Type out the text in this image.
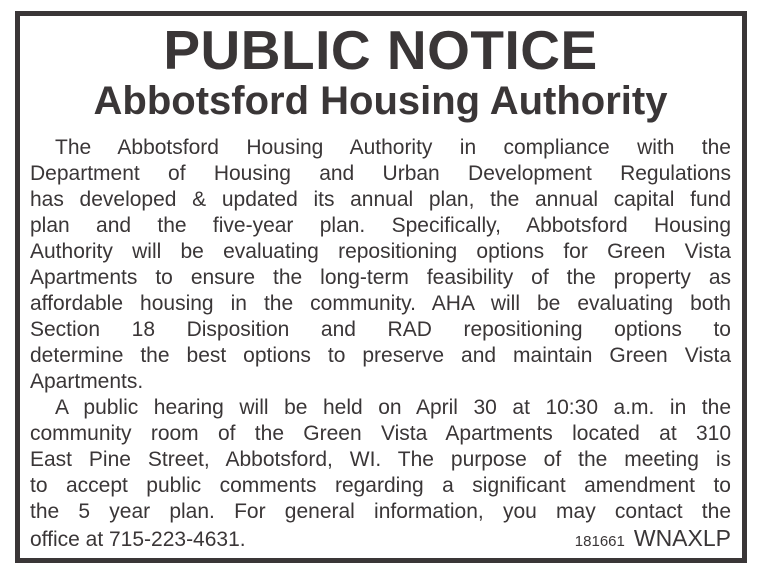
PUBLIC NOTICE
Abbotsford Housing Authority
The Abbotsford Housing Authority in compliance with the
Department of Housing and Urban Development Regulations
has developed & updated its annual plan, the annual capital fund
plan and the five-year plan. Specifically, Abbotsford Housing
Authority will be evaluating repositioning options for Green Vista
Apartments to ensure the long-term feasibility of the property as
affordable housing in the community. AHA will be evaluating both
Section 18 Disposition and RAD repositioning options to
determine the best options to preserve and maintain Green Vista
Apartments.
A public hearing will be held on April 30 at 10:30 a.m. in the
community room of the Green Vista Apartments located at 310
East Pine Street, Abbotsford, WI. The purpose of the meeting is
to accept public comments regarding a significant amendment to
the 5 year plan. For general information, you may contact the
office at 715-223-4631.	181661 WNAXLP
